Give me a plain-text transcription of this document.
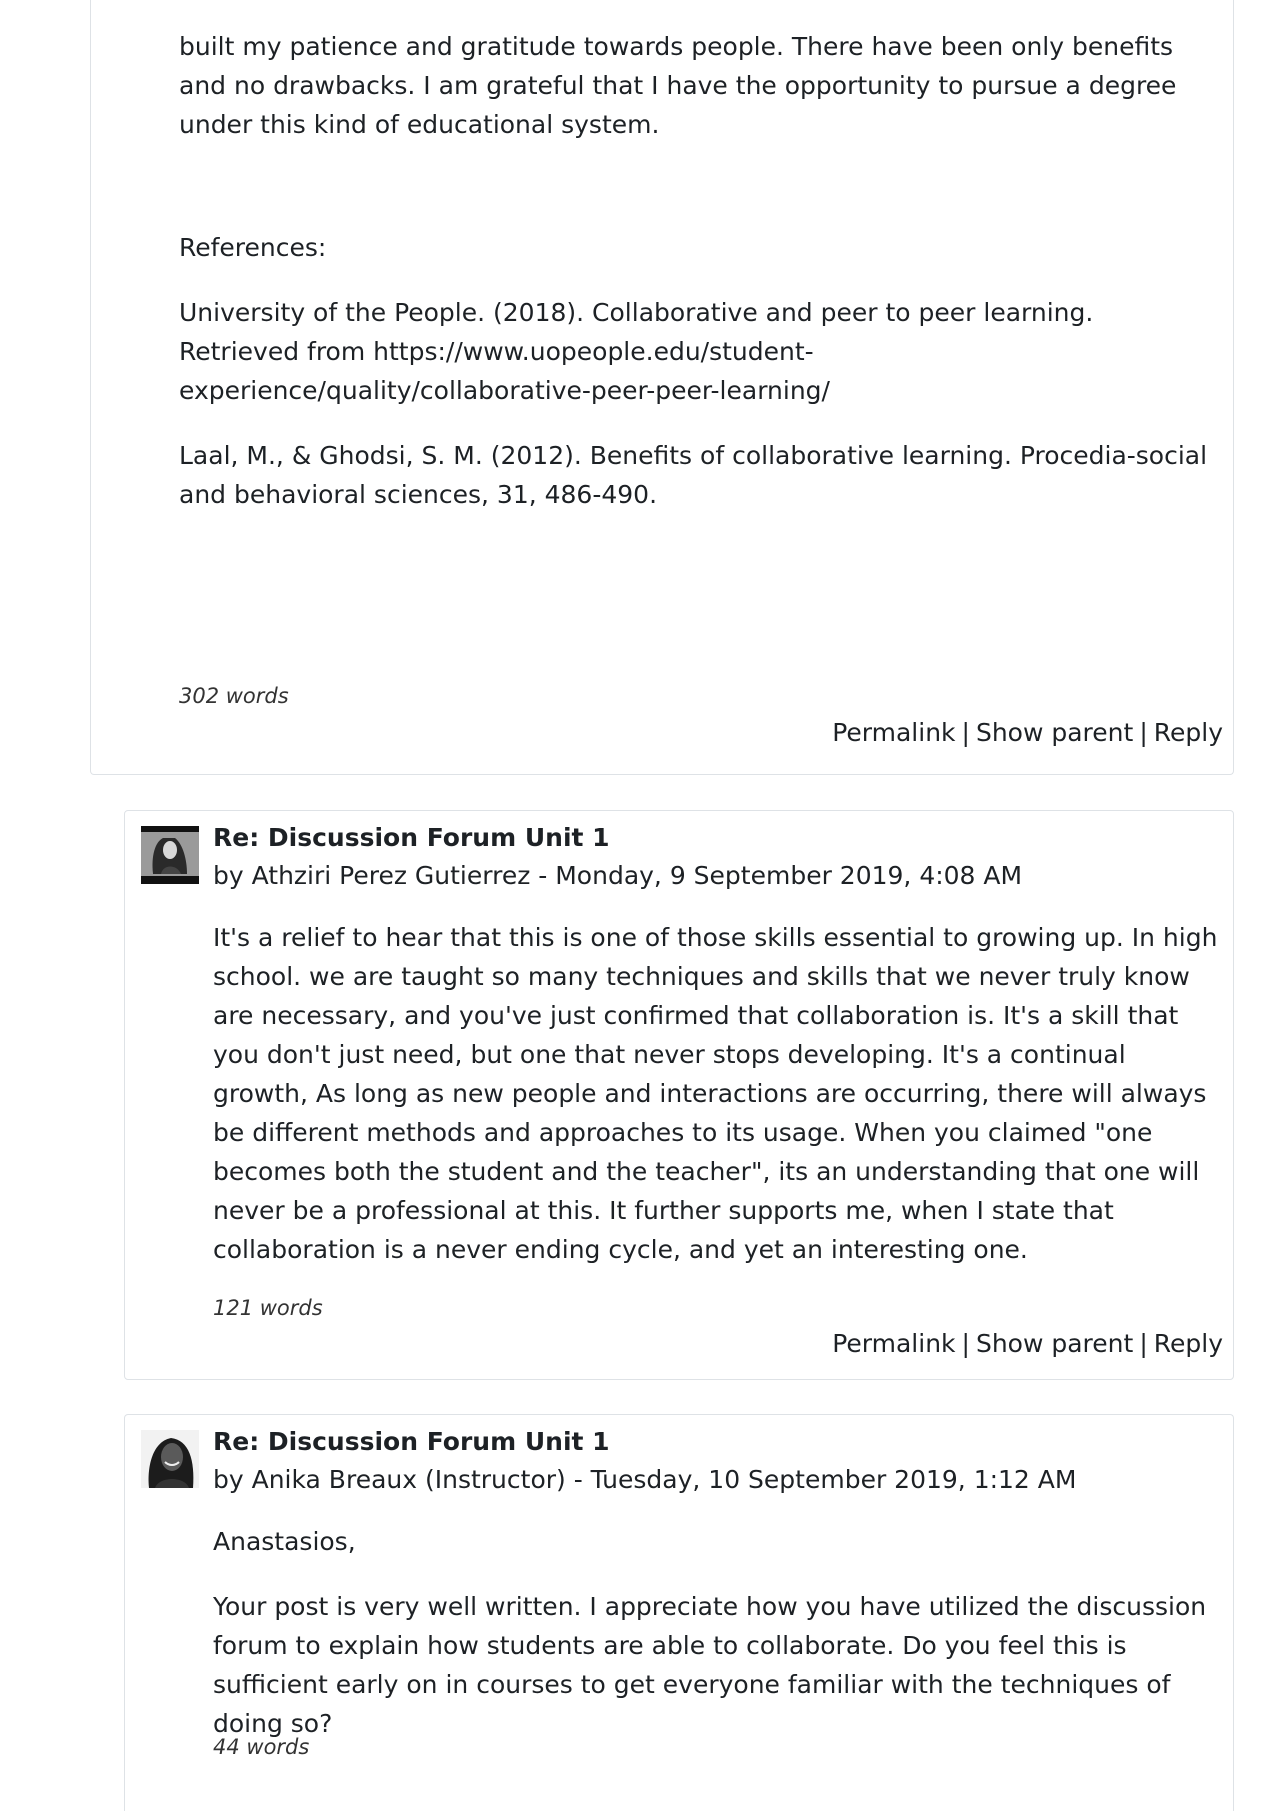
built my patience and gratitude towards people. There have been only benefits and no drawbacks. I am grateful that I have the opportunity to pursue a degree under this kind of educational system.

References:

University of the People. (2018). Collaborative and peer to peer learning. Retrieved from https://www.uopeople.edu/student-experience/quality/collaborative-peer-peer-learning/

Laal, M., & Ghodsi, S. M. (2012). Benefits of collaborative learning. Procedia-social and behavioral sciences, 31, 486-490.

302 words
Permalink | Show parent | Reply
Re: Discussion Forum Unit 1
by Athziri Perez Gutierrez - Monday, 9 September 2019, 4:08 AM

It's a relief to hear that this is one of those skills essential to growing up. In high school. we are taught so many techniques and skills that we never truly know are necessary, and you've just confirmed that collaboration is. It's a skill that you don't just need, but one that never stops developing. It's a continual growth, As long as new people and interactions are occurring, there will always be different methods and approaches to its usage. When you claimed "one becomes both the student and the teacher", its an understanding that one will never be a professional at this. It further supports me, when I state that collaboration is a never ending cycle, and yet an interesting one.

121 words
Permalink | Show parent | Reply
Re: Discussion Forum Unit 1
by Anika Breaux (Instructor) - Tuesday, 10 September 2019, 1:12 AM

Anastasios,

Your post is very well written. I appreciate how you have utilized the discussion forum to explain how students are able to collaborate. Do you feel this is sufficient early on in courses to get everyone familiar with the techniques of doing so?

44 words
